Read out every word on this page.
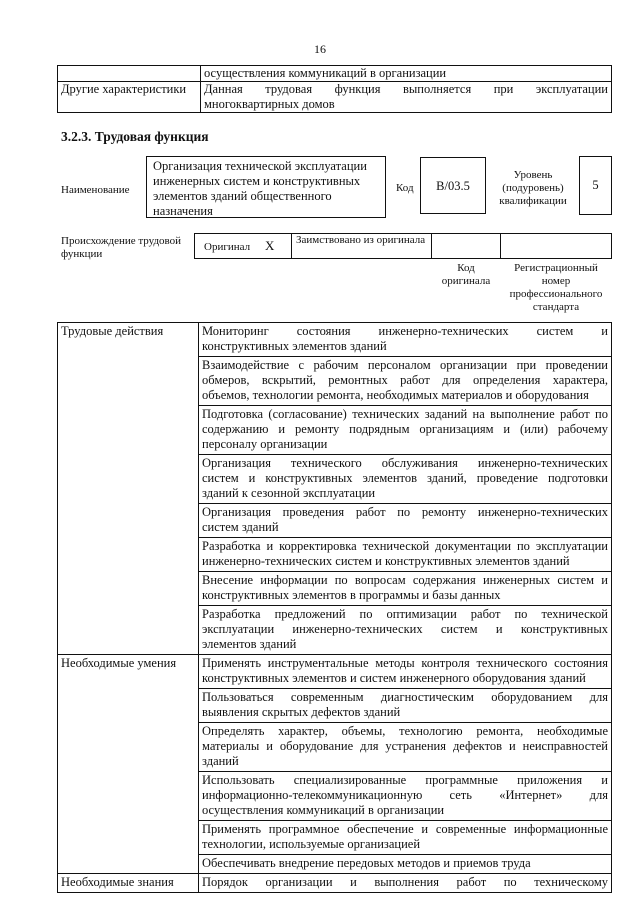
16
	осуществления коммуникаций в организации
Другие характеристики	Данная трудовая функция выполняется при эксплуатации
многоквартирных домов
3.2.3. Трудовая функция
Наименование
Организация технической эксплуатации инженерных систем и конструктивных элементов зданий общественного назначения
Код	B/03.5
Уровень
(подуровень)
квалификации
5
Происхождение трудовой функции
Оригинал X Заимствовано из оригинала
Код
оригинала
Регистрационный
номер
профессионального
стандарта
Трудовые действия	Мониторинг состояния инженерно-технических систем и
конструктивных элементов зданий

	Взаимодействие с рабочим персоналом организации при проведении
обмеров, вскрытий, ремонтных работ для определения характера,
объемов, технологии ремонта, необходимых материалов и оборудования

	Подготовка (согласование) технических заданий на выполнение работ по
содержанию и ремонту подрядным организациям и (или) рабочему
персоналу организации

	Организация технического обслуживания инженерно-технических
систем и конструктивных элементов зданий, проведение подготовки
зданий к сезонной эксплуатации

	Организация проведения работ по ремонту инженерно-технических
систем зданий

	Разработка и корректировка технической документации по эксплуатации
инженерно-технических систем и конструктивных элементов зданий

	Внесение информации по вопросам содержания инженерных систем и
конструктивных элементов в программы и базы данных

	Разработка предложений по оптимизации работ по технической
эксплуатации инженерно-технических систем и конструктивных
элементов зданий

Необходимые умения	Применять инструментальные методы контроля технического состояния
конструктивных элементов и систем инженерного оборудования зданий

	Пользоваться современным диагностическим оборудованием для
выявления скрытых дефектов зданий

	Определять характер, объемы, технологию ремонта, необходимые
материалы и оборудование для устранения дефектов и неисправностей
зданий

	Использовать специализированные программные приложения и
информационно-телекоммуникационную сеть «Интернет» для
осуществления коммуникаций в организации

	Применять программное обеспечение и современные информационные
технологии, используемые организацией

	Обеспечивать внедрение передовых методов и приемов труда

Необходимые знания	Порядок организации и выполнения работ по техническому
